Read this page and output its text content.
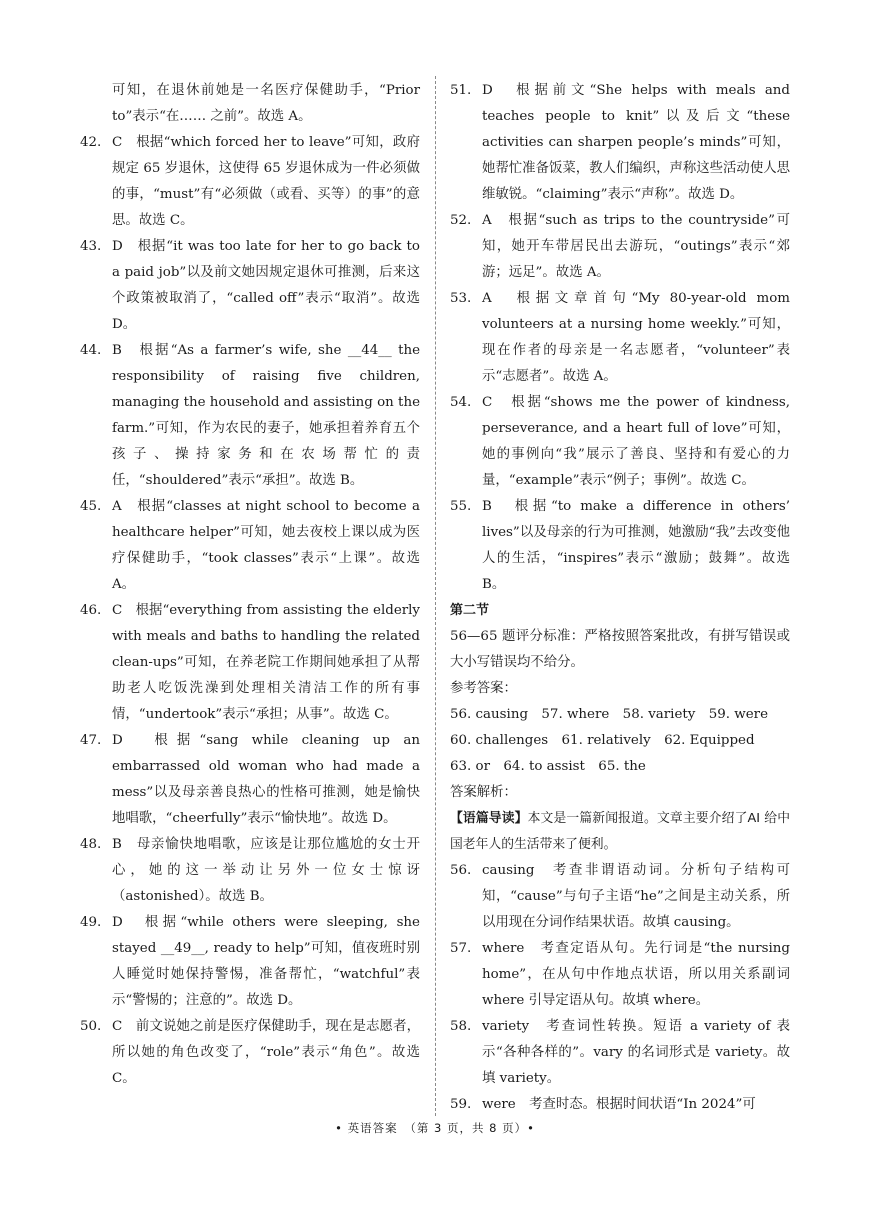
可知，在退休前她是一名医疗保健助手，“Prior to”表示“在…… 之前”。故选 A。
42. C　根据“which forced her to leave”可知，政府规定 65 岁退休，这使得 65 岁退休成为一件必须做的事，“must”有“必须做（或看、买等）的事”的意思。故选 C。
43. D　根据“it was too late for her to go back to a paid job”以及前文她因规定退休可推测，后来这个政策被取消了，“called off”表示“取消”。故选 D。
44. B　根据“As a farmer’s wife, she __44__ the responsibility of raising five children, managing the household and assisting on the farm.”可知，作为农民的妻子，她承担着养育五个孩子、操持家务和在农场帮忙的责任，“shouldered”表示“承担”。故选 B。
45. A　根据“classes at night school to become a healthcare helper”可知，她去夜校上课以成为医疗保健助手，“took classes”表示“上课”。故选 A。
46. C　根据“everything from assisting the elderly with meals and baths to handling the related clean-ups”可知，在养老院工作期间她承担了从帮助老人吃饭洗澡到处理相关清洁工作的所有事情，“undertook”表示“承担；从事”。故选 C。
47. D　根据“sang while cleaning up an embarrassed old woman who had made a mess”以及母亲善良热心的性格可推测，她是愉快地唱歌，“cheerfully”表示“愉快地”。故选 D。
48. B　母亲愉快地唱歌，应该是让那位尴尬的女士开心，她的这一举动让另外一位女士惊讶（astonished）。故选 B。
49. D　根据“while others were sleeping, she stayed __49__, ready to help”可知，值夜班时别人睡觉时她保持警惕，准备帮忙，“watchful”表示“警惕的；注意的”。故选 D。
50. C　前文说她之前是医疗保健助手，现在是志愿者，所以她的角色改变了，“role”表示“角色”。故选 C。
51. D　根据前文“She helps with meals and teaches people to knit”以及后文“these activities can sharpen people’s minds”可知，她帮忙准备饭菜，教人们编织，声称这些活动使人思维敏锐。“claiming”表示“声称”。故选 D。
52. A　根据“such as trips to the countryside”可知，她开车带居民出去游玩，“outings”表示“郊游；远足”。故选 A。
53. A　根据文章首句“My 80-year-old mom volunteers at a nursing home weekly.”可知，现在作者的母亲是一名志愿者，“volunteer”表示“志愿者”。故选 A。
54. C　根据“shows me the power of kindness, perseverance, and a heart full of love”可知，她的事例向“我”展示了善良、坚持和有爱心的力量，“example”表示“例子；事例”。故选 C。
55. B　根据“to make a difference in others’ lives”以及母亲的行为可推测，她激励“我”去改变他人的生活，“inspires”表示“激励；鼓舞”。故选 B。
第二节
56—65 题评分标准：严格按照答案批改，有拼写错误或大小写错误均不给分。
参考答案：
56. causing　57. where　58. variety　59. were
60. challenges　61. relatively　62. Equipped
63. or　64. to assist　65. the
答案解析：
【语篇导读】本文是一篇新闻报道。文章主要介绍了AI 给中国老年人的生活带来了便利。
56. causing　考查非谓语动词。分析句子结构可知，“cause”与句子主语“he”之间是主动关系，所以用现在分词作结果状语。故填 causing。
57. where　考查定语从句。先行词是“the nursing home”，在从句中作地点状语，所以用关系副词 where 引导定语从句。故填 where。
58. variety　考查词性转换。短语 a variety of 表示“各种各样的”。vary 的名词形式是 variety。故填 variety。
59. were　考查时态。根据时间状语“In 2024”可
• 英语答案　（第 3 页，共 8 页）•
